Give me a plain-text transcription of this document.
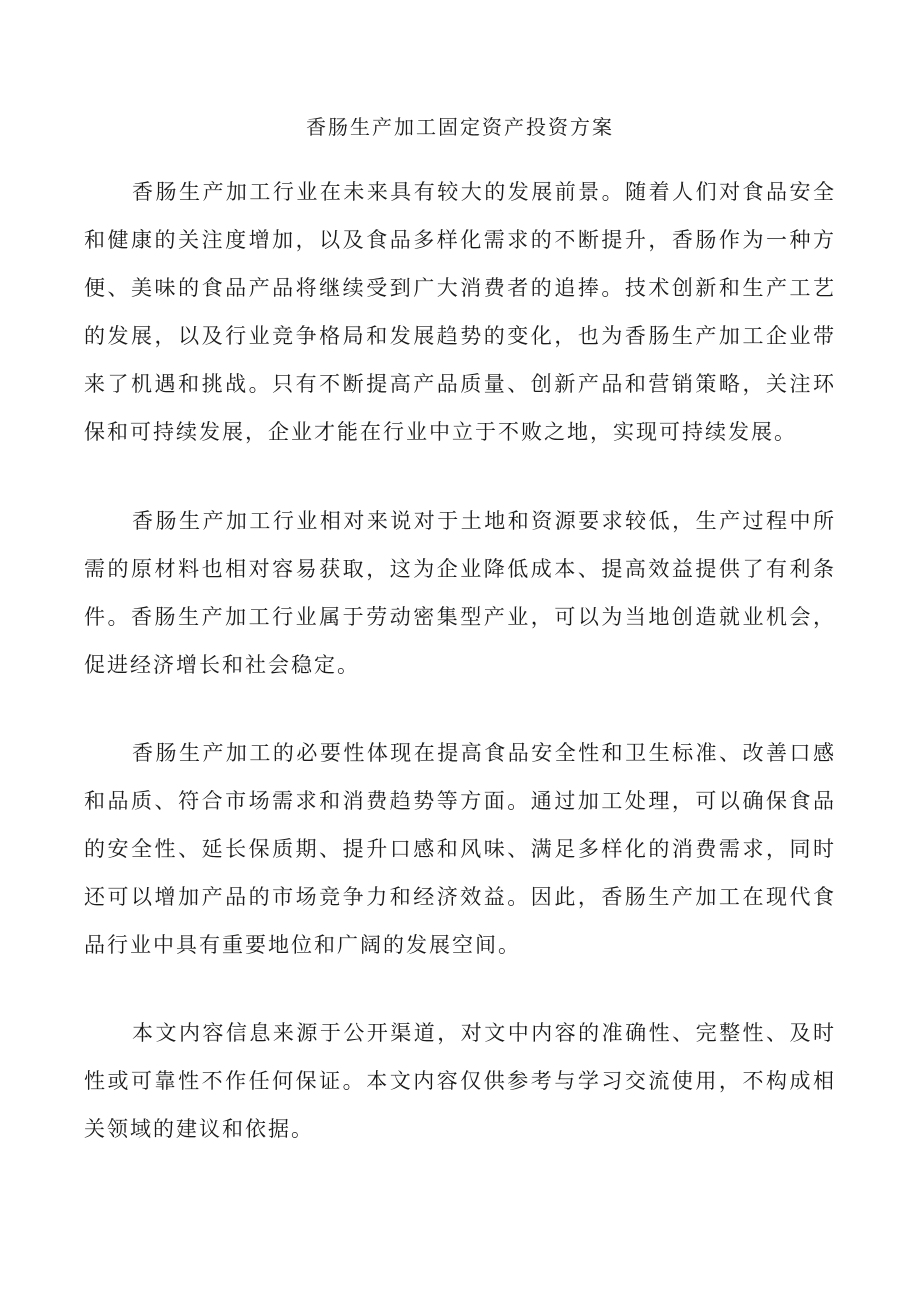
香肠生产加工固定资产投资方案

香肠生产加工行业在未来具有较大的发展前景。随着人们对食品安全和健康的关注度增加，以及食品多样化需求的不断提升，香肠作为一种方便、美味的食品产品将继续受到广大消费者的追捧。技术创新和生产工艺的发展，以及行业竞争格局和发展趋势的变化，也为香肠生产加工企业带来了机遇和挑战。只有不断提高产品质量、创新产品和营销策略，关注环保和可持续发展，企业才能在行业中立于不败之地，实现可持续发展。

香肠生产加工行业相对来说对于土地和资源要求较低，生产过程中所需的原材料也相对容易获取，这为企业降低成本、提高效益提供了有利条件。香肠生产加工行业属于劳动密集型产业，可以为当地创造就业机会，促进经济增长和社会稳定。

香肠生产加工的必要性体现在提高食品安全性和卫生标准、改善口感和品质、符合市场需求和消费趋势等方面。通过加工处理，可以确保食品的安全性、延长保质期、提升口感和风味、满足多样化的消费需求，同时还可以增加产品的市场竞争力和经济效益。因此，香肠生产加工在现代食品行业中具有重要地位和广阔的发展空间。

本文内容信息来源于公开渠道，对文中内容的准确性、完整性、及时性或可靠性不作任何保证。本文内容仅供参考与学习交流使用，不构成相关领域的建议和依据。
